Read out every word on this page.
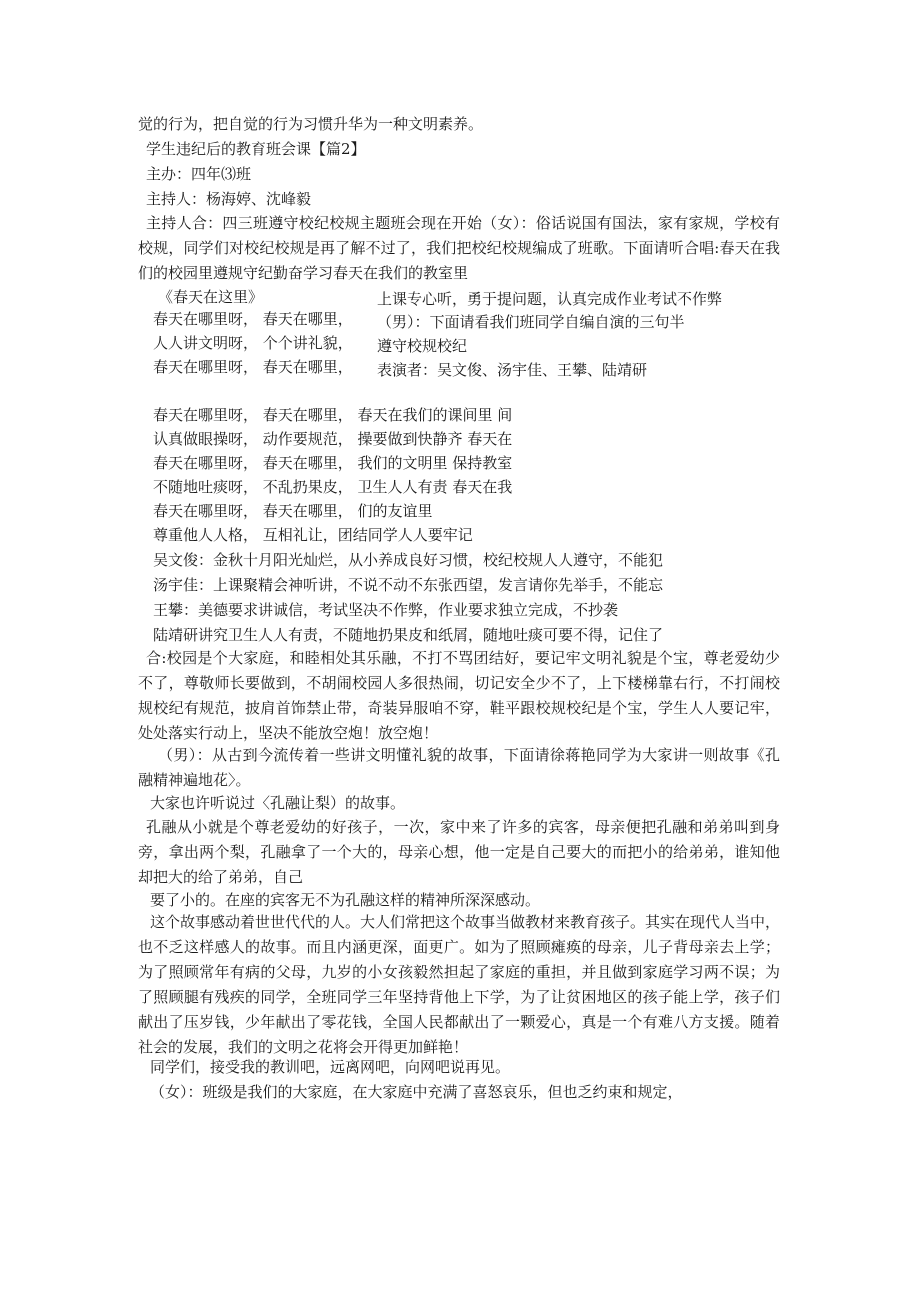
觉的行为，把自觉的行为习惯升华为一种文明素养。
学生违纪后的教育班会课【篇2】
主办：四年⑶班
主持人：杨海婷、沈峰毅
主持人合：四三班遵守校纪校规主题班会现在开始（女）：俗话说国有国法，家有家规，学校有校规，同学们对校纪校规是再了解不过了，我们把校纪校规编成了班歌。下面请听合唱:春天在我们的校园里遵规守纪勤奋学习春天在我们的教室里
《春天在这里》
春天在哪里呀， 春天在哪里，
人人讲文明呀， 个个讲礼貌，
春天在哪里呀， 春天在哪里，
上课专心听，勇于提问题，认真完成作业考试不作弊
（男）：下面请看我们班同学自编自演的三句半
遵守校规校纪
表演者：吴文俊、汤宇佳、王攀、陆靖研
春天在哪里呀， 春天在哪里， 春天在我们的课间里 间
认真做眼操呀， 动作要规范， 操要做到快静齐 春天在
春天在哪里呀， 春天在哪里， 我们的文明里 保持教室
不随地吐痰呀， 不乱扔果皮， 卫生人人有责 春天在我
春天在哪里呀， 春天在哪里， 们的友谊里
尊重他人人格， 互相礼让，团结同学人人要牢记
吴文俊：金秋十月阳光灿烂，从小养成良好习惯，校纪校规人人遵守，不能犯
汤宇佳：上课聚精会神听讲，不说不动不东张西望，发言请你先举手，不能忘
王攀：美德要求讲诚信，考试坚决不作弊，作业要求独立完成，不抄袭
陆靖研讲究卫生人人有责，不随地扔果皮和纸屑，随地吐痰可要不得，记住了
合:校园是个大家庭，和睦相处其乐融，不打不骂团结好，要记牢文明礼貌是个宝，尊老爱幼少不了，尊敬师长要做到，不胡闹校园人多很热闹，切记安全少不了，上下楼梯靠右行，不打闹校规校纪有规范，披肩首饰禁止带，奇装异服咱不穿，鞋平跟校规校纪是个宝，学生人人要记牢，处处落实行动上，坚决不能放空炮！放空炮！
（男）：从古到今流传着一些讲文明懂礼貌的故事，下面请徐蒋艳同学为大家讲一则故事《孔融精神遍地花〉。
大家也许听说过〈孔融让梨）的故事。
孔融从小就是个尊老爱幼的好孩子，一次，家中来了许多的宾客，母亲便把孔融和弟弟叫到身旁，拿出两个梨，孔融拿了一个大的，母亲心想，他一定是自己要大的而把小的给弟弟，谁知他却把大的给了弟弟，自己
要了小的。在座的宾客无不为孔融这样的精神所深深感动。
这个故事感动着世世代代的人。大人们常把这个故事当做教材来教育孩子。其实在现代人当中，也不乏这样感人的故事。而且内涵更深，面更广。如为了照顾瘫痪的母亲，儿子背母亲去上学；为了照顾常年有病的父母，九岁的小女孩毅然担起了家庭的重担，并且做到家庭学习两不误；为了照顾腿有残疾的同学，全班同学三年坚持背他上下学，为了让贫困地区的孩子能上学，孩子们献出了压岁钱，少年献出了零花钱，全国人民都献出了一颗爱心，真是一个有难八方支援。随着社会的发展，我们的文明之花将会开得更加鲜艳！
同学们，接受我的教训吧，远离网吧，向网吧说再见。
（女）：班级是我们的大家庭，在大家庭中充满了喜怒哀乐，但也乏约束和规定，
